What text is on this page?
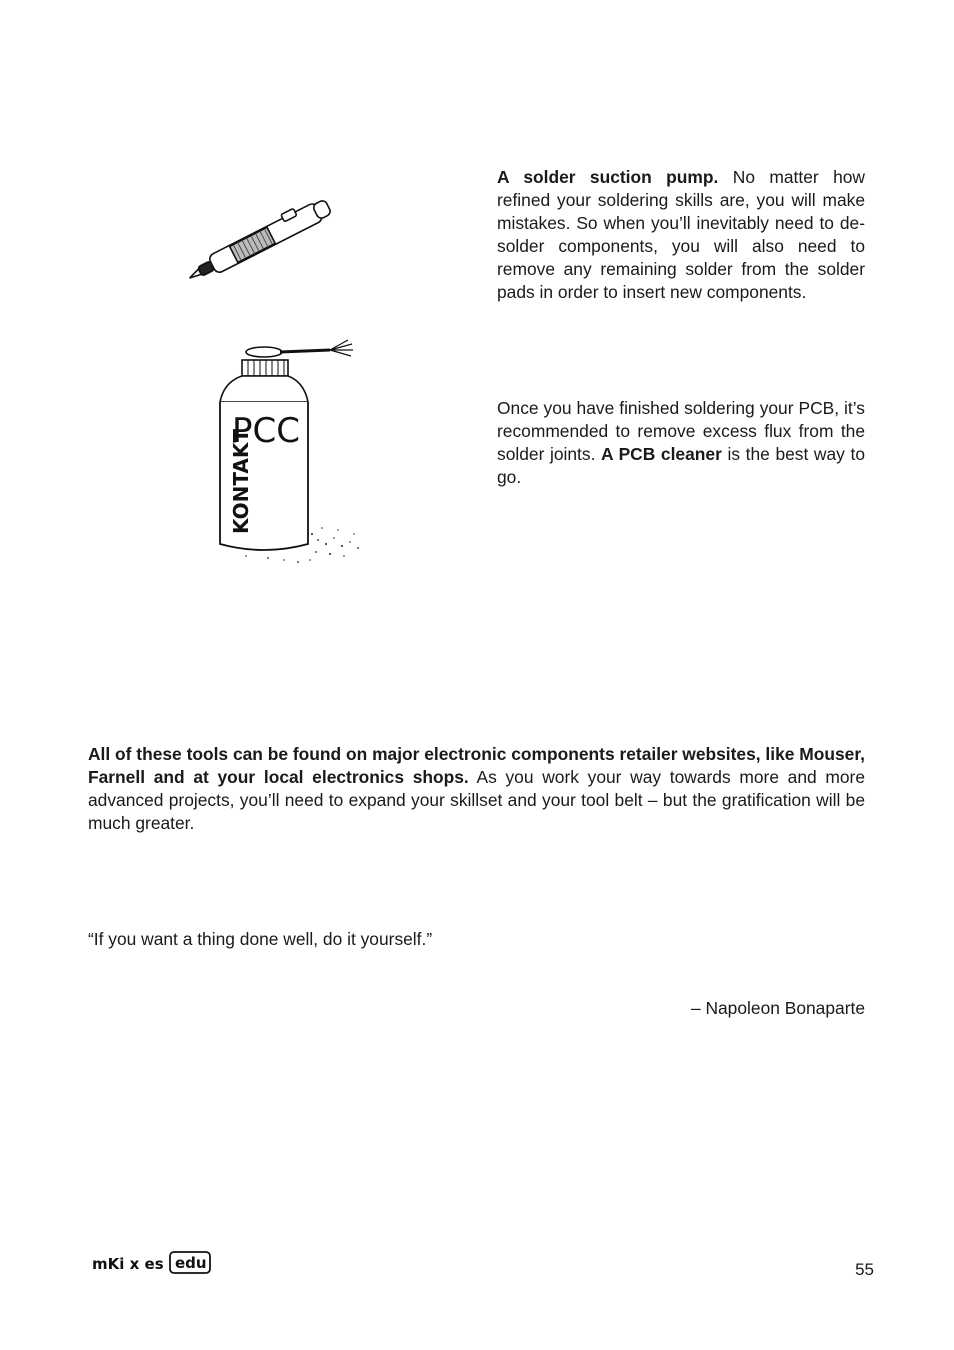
PCC
KONTAKT

A solder suction pump. No matter how refined your soldering skills are, you will make mistakes. So when you’ll inevitably need to de-solder components, you will also need to remove any remaining solder from the solder pads in order to insert new components.

Once you have finished soldering your PCB, it’s recommended to remove excess flux from the solder joints. A PCB cleaner is the best way to go.

All of these tools can be found on major electronic components retailer websites, like Mouser, Farnell and at your local electronics shops. As you work your way towards more and more advanced projects, you’ll need to expand your skillset and your tool belt – but the gratification will be much greater.

“If you want a thing done well, do it yourself.”

– Napoleon Bonaparte

mKi x es edu	55
